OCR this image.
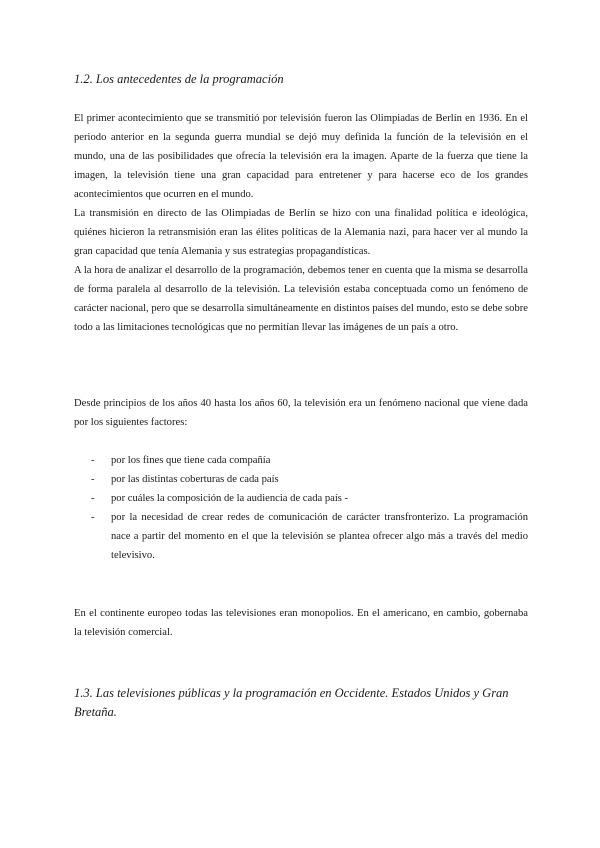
1.2. Los antecedentes de la programación

El primer acontecimiento que se transmitió por televisión fueron las Olimpiadas de Berlín en 1936. En el periodo anterior en la segunda guerra mundial se dejó muy definida la función de la televisión en el mundo, una de las posibilidades que ofrecía la televisión era la imagen. Aparte de la fuerza que tiene la imagen, la televisión tiene una gran capacidad para entretener y para hacerse eco de los grandes acontecimientos que ocurren en el mundo.

La transmisión en directo de las Olimpiadas de Berlín se hizo con una finalidad política e ideológica, quiénes hicieron la retransmisión eran las élites políticas de la Alemania nazi, para hacer ver al mundo la gran capacidad que tenía Alemania y sus estrategias propagandísticas.

A la hora de analizar el desarrollo de la programación, debemos tener en cuenta que la misma se desarrolla de forma paralela al desarrollo de la televisión. La televisión estaba conceptuada como un fenómeno de carácter nacional, pero que se desarrolla simultáneamente en distintos países del mundo, esto se debe sobre todo a las limitaciones tecnológicas que no permitían llevar las imágenes de un país a otro.

Desde principios de los años 40 hasta los años 60, la televisión era un fenómeno nacional que viene dada por los siguientes factores:

- por los fines que tiene cada compañía
- por las distintas coberturas de cada país
- por cuáles la composición de la audiencia de cada país -
- por la necesidad de crear redes de comunicación de carácter transfronterizo. La programación nace a partir del momento en el que la televisión se plantea ofrecer algo más a través del medio televisivo.

En el continente europeo todas las televisiones eran monopolios. En el americano, en cambio, gobernaba la televisión comercial.

1.3. Las televisiones públicas y la programación en Occidente. Estados Unidos y Gran Bretaña.
